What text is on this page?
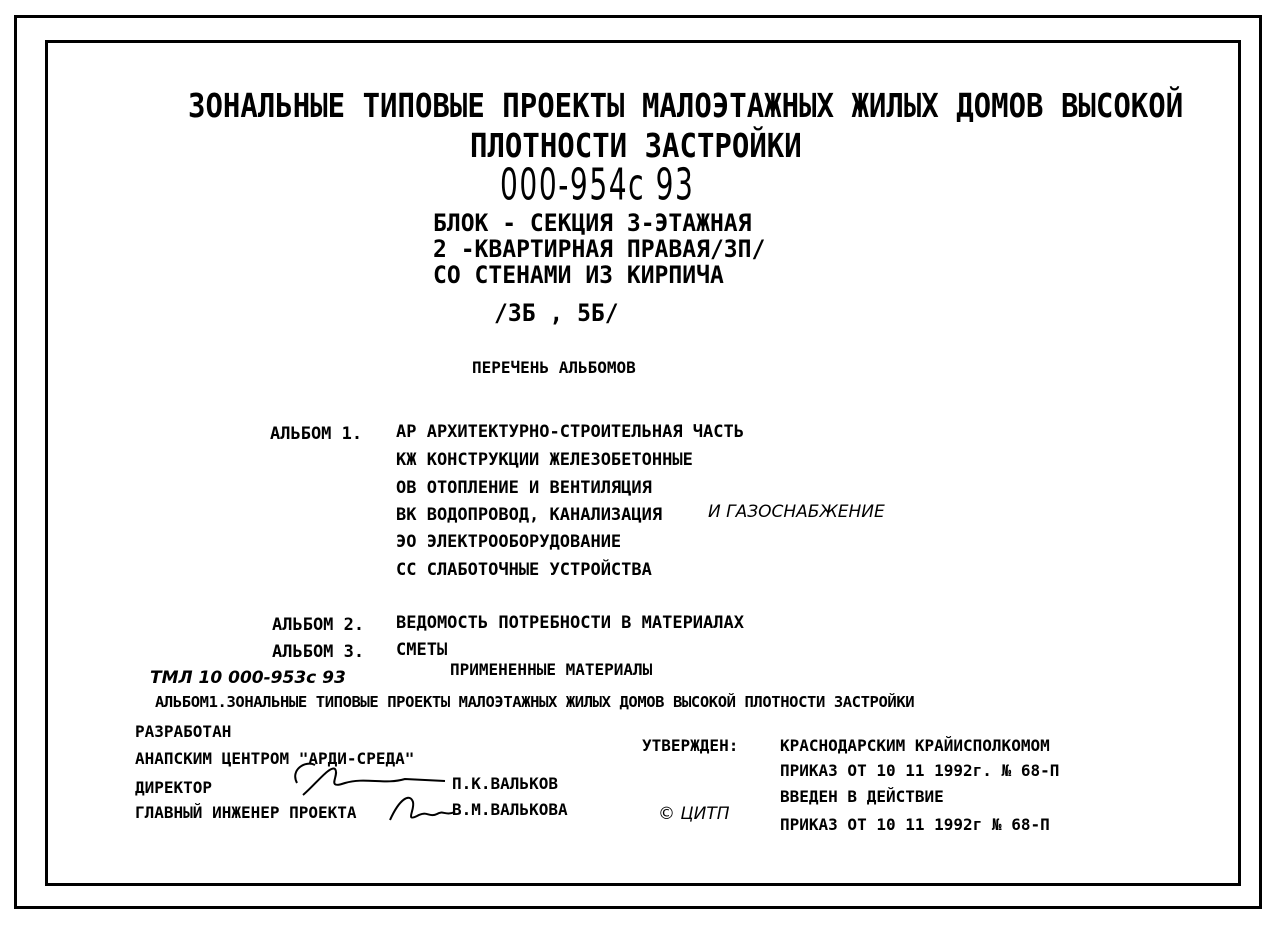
ЗОНАЛЬНЫЕ ТИПОВЫЕ ПРОЕКТЫ МАЛОЭТАЖНЫХ ЖИЛЫХ ДОМОВ ВЫСОКОЙ
ПЛОТНОСТИ ЗАСТРОЙКИ
000-954с 93
БЛОК - СЕКЦИЯ 3-ЭТАЖНАЯ
2 -КВАРТИРНАЯ ПРАВАЯ/3П/
СО СТЕНАМИ ИЗ КИРПИЧА
/3Б , 5Б/
ПЕРЕЧЕНЬ АЛЬБОМОВ
АЛЬБОМ 1. АР АРХИТЕКТУРНО-СТРОИТЕЛЬНАЯ ЧАСТЬ
КЖ КОНСТРУКЦИИ ЖЕЛЕЗОБЕТОННЫЕ
ОВ ОТОПЛЕНИЕ И ВЕНТИЛЯЦИЯ
ВК ВОДОПРОВОД, КАНАЛИЗАЦИЯ	И ГАЗОСНАБЖЕНИЕ
ЭО ЭЛЕКТРООБОРУДОВАНИЕ
СС СЛАБОТОЧНЫЕ УСТРОЙСТВА
АЛЬБОМ 2. ВЕДОМОСТЬ ПОТРЕБНОСТИ В МАТЕРИАЛАХ
АЛЬБОМ 3. СМЕТЫ
ТМЛ 10 000-953с 93	ПРИМЕНЕННЫЕ МАТЕРИАЛЫ
АЛЬБОМ1.ЗОНАЛЬНЫЕ ТИПОВЫЕ ПРОЕКТЫ МАЛОЭТАЖНЫХ ЖИЛЫХ ДОМОВ ВЫСОКОЙ ПЛОТНОСТИ ЗАСТРОЙКИ
РАЗРАБОТАН
АНАПСКИМ ЦЕНТРОМ "АРДИ-СРЕДА"
ДИРЕКТОР	П.К.ВАЛЬКОВ
ГЛАВНЫЙ ИНЖЕНЕР ПРОЕКТА	В.М.ВАЛЬКОВА	© ЦИТП
УТВЕРЖДЕН:	КРАСНОДАРСКИМ КРАЙИСПОЛКОМОМ
ПРИКАЗ ОТ 10 11 1992г. № 68-П
ВВЕДЕН В ДЕЙСТВИЕ
ПРИКАЗ ОТ 10 11 1992г № 68-П
